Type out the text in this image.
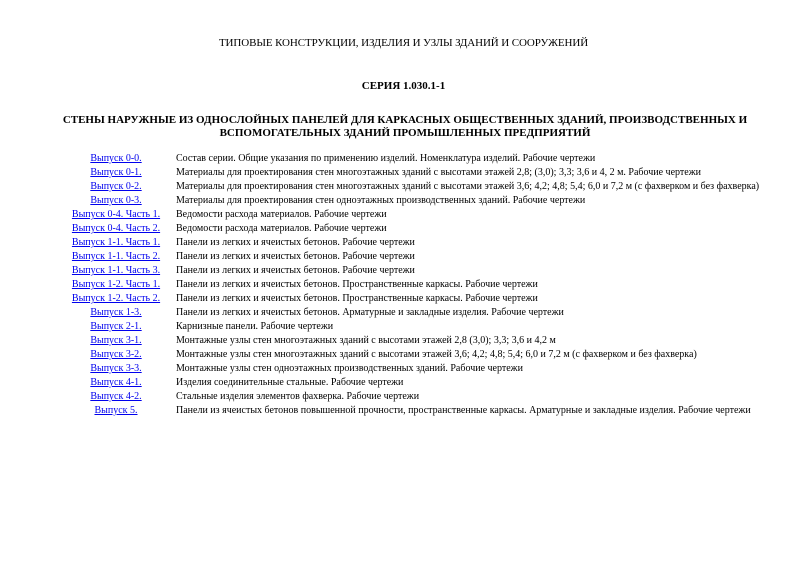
ТИПОВЫЕ КОНСТРУКЦИИ, ИЗДЕЛИЯ И УЗЛЫ ЗДАНИЙ И СООРУЖЕНИЙ
СЕРИЯ 1.030.1-1
СТЕНЫ НАРУЖНЫЕ ИЗ ОДНОСЛОЙНЫХ ПАНЕЛЕЙ ДЛЯ КАРКАСНЫХ ОБЩЕСТВЕННЫХ ЗДАНИЙ, ПРОИЗВОДСТВЕННЫХ И ВСПОМОГАТЕЛЬНЫХ ЗДАНИЙ ПРОМЫШЛЕННЫХ ПРЕДПРИЯТИЙ
Выпуск 0-0.	Состав серии. Общие указания по применению изделий. Номенклатура изделий. Рабочие чертежи
Выпуск 0-1.	Материалы для проектирования стен многоэтажных зданий с высотами этажей 2,8; (3,0); 3,3; 3,6 и 4, 2 м. Рабочие чертежи
Выпуск 0-2.	Материалы для проектирования стен многоэтажных зданий с высотами этажей 3,6; 4,2; 4,8; 5,4; 6,0 и 7,2 м (с фахверком и без фахверка)
Выпуск 0-3.	Материалы для проектирования стен одноэтажных производственных зданий. Рабочие чертежи
Выпуск 0-4. Часть 1.	Ведомости расхода материалов. Рабочие чертежи
Выпуск 0-4. Часть 2.	Ведомости расхода материалов. Рабочие чертежи
Выпуск 1-1. Часть 1.	Панели из легких и ячеистых бетонов. Рабочие чертежи
Выпуск 1-1. Часть 2.	Панели из легких и ячеистых бетонов. Рабочие чертежи
Выпуск 1-1. Часть 3.	Панели из легких и ячеистых бетонов. Рабочие чертежи
Выпуск 1-2. Часть 1.	Панели из легких и ячеистых бетонов. Пространственные каркасы. Рабочие чертежи
Выпуск 1-2. Часть 2.	Панели из легких и ячеистых бетонов. Пространственные каркасы. Рабочие чертежи
Выпуск 1-3.	Панели из легких и ячеистых бетонов. Арматурные и закладные изделия. Рабочие чертежи
Выпуск 2-1.	Карнизные панели. Рабочие чертежи
Выпуск 3-1.	Монтажные узлы стен многоэтажных зданий с высотами этажей 2,8 (3,0); 3,3; 3,6 и 4,2 м
Выпуск 3-2.	Монтажные узлы стен многоэтажных зданий с высотами этажей 3,6; 4,2; 4,8; 5,4; 6,0 и 7,2 м (с фахверком и без фахверка)
Выпуск 3-3.	Монтажные узлы стен одноэтажных производственных зданий. Рабочие чертежи
Выпуск 4-1.	Изделия соединительные стальные. Рабочие чертежи
Выпуск 4-2.	Стальные изделия элементов фахверка. Рабочие чертежи
Выпуск 5.	Панели из ячеистых бетонов повышенной прочности, пространственные каркасы. Арматурные и закладные изделия. Рабочие чертежи
